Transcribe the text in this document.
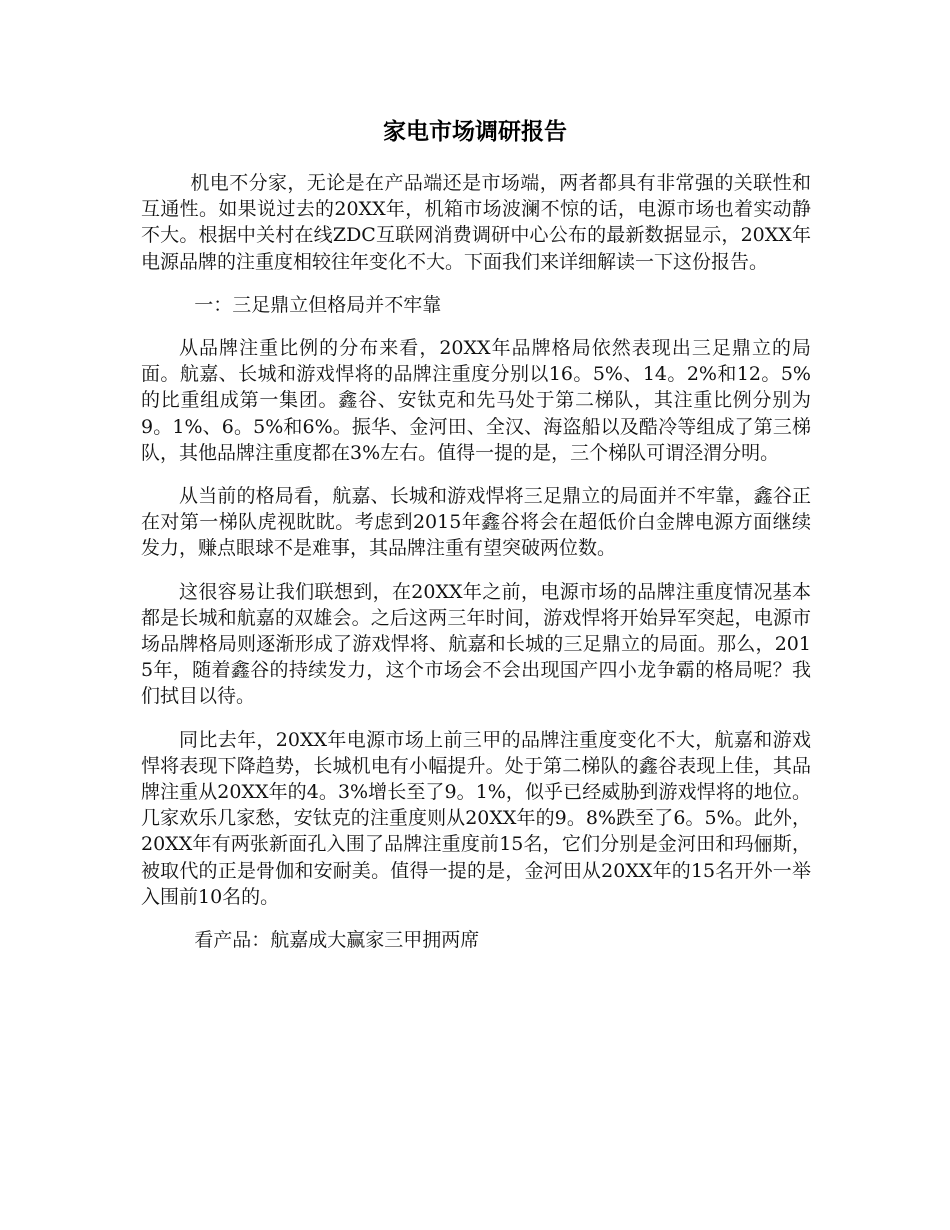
家电市场调研报告

机电不分家，无论是在产品端还是市场端，两者都具有非常强的关联性和互通性。如果说过去的20XX年，机箱市场波澜不惊的话，电源市场也着实动静不大。根据中关村在线ZDC互联网消费调研中心公布的最新数据显示，20XX年电源品牌的注重度相较往年变化不大。下面我们来详细解读一下这份报告。

一：三足鼎立但格局并不牢靠

从品牌注重比例的分布来看，20XX年品牌格局依然表现出三足鼎立的局面。航嘉、长城和游戏悍将的品牌注重度分别以16。5%、14。2%和12。5%的比重组成第一集团。鑫谷、安钛克和先马处于第二梯队，其注重比例分别为9。1%、6。5%和6%。振华、金河田、全汉、海盗船以及酷冷等组成了第三梯队，其他品牌注重度都在3%左右。值得一提的是，三个梯队可谓泾渭分明。

从当前的格局看，航嘉、长城和游戏悍将三足鼎立的局面并不牢靠，鑫谷正在对第一梯队虎视眈眈。考虑到2015年鑫谷将会在超低价白金牌电源方面继续发力，赚点眼球不是难事，其品牌注重有望突破两位数。

这很容易让我们联想到，在20XX年之前，电源市场的品牌注重度情况基本都是长城和航嘉的双雄会。之后这两三年时间，游戏悍将开始异军突起，电源市场品牌格局则逐渐形成了游戏悍将、航嘉和长城的三足鼎立的局面。那么，2015年，随着鑫谷的持续发力，这个市场会不会出现国产四小龙争霸的格局呢？我们拭目以待。

同比去年，20XX年电源市场上前三甲的品牌注重度变化不大，航嘉和游戏悍将表现下降趋势，长城机电有小幅提升。处于第二梯队的鑫谷表现上佳，其品牌注重从20XX年的4。3%增长至了9。1%，似乎已经威胁到游戏悍将的地位。几家欢乐几家愁，安钛克的注重度则从20XX年的9。8%跌至了6。5%。此外，20XX年有两张新面孔入围了品牌注重度前15名，它们分别是金河田和玛俪斯，被取代的正是骨伽和安耐美。值得一提的是，金河田从20XX年的15名开外一举入围前10名的。

看产品：航嘉成大赢家三甲拥两席
